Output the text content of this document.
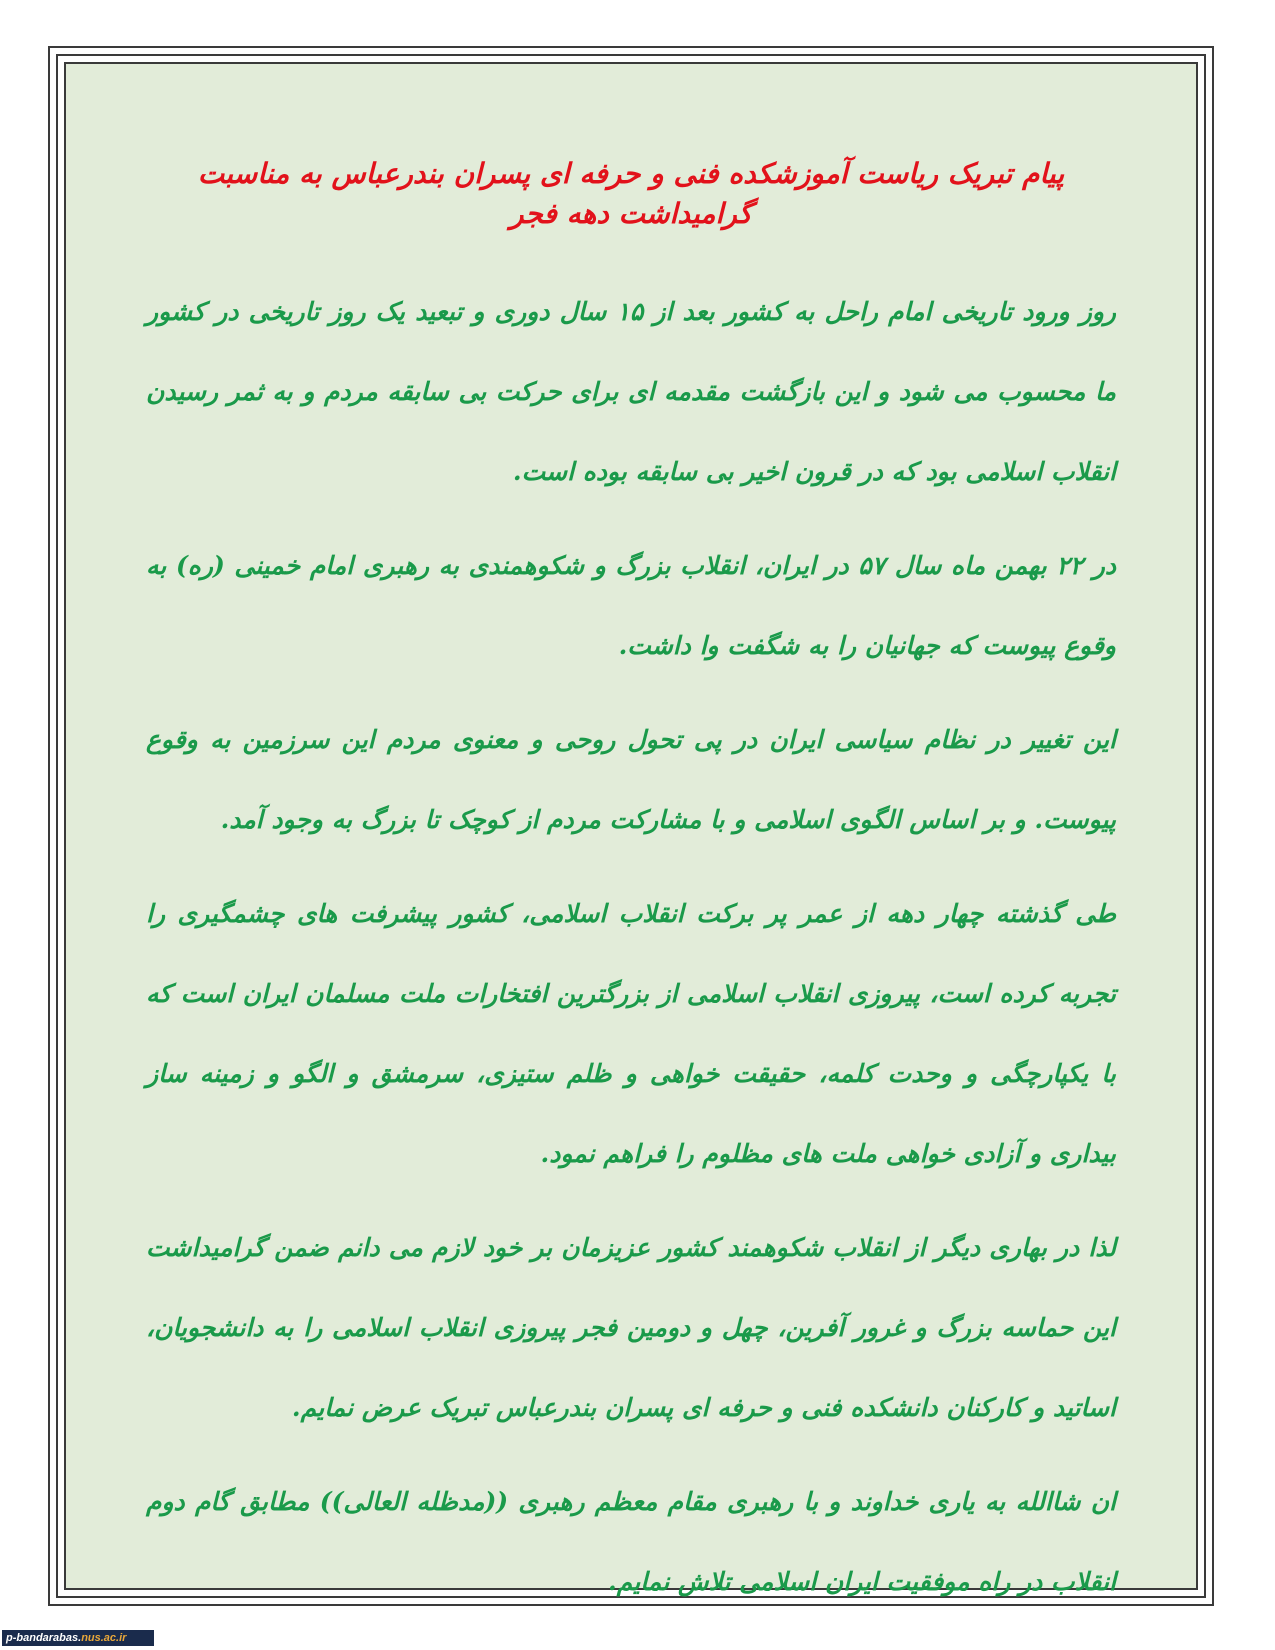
پیام تبریک ریاست آموزشکده فنی و حرفه ای پسران بندرعباس به مناسبت گرامیداشت دهه فجر

روز ورود تاریخی امام راحل به کشور بعد از ۱۵ سال دوری و تبعید یک روز تاریخی در کشور ما محسوب می شود و این بازگشت مقدمه ای برای حرکت بی سابقه مردم و به ثمر رسیدن انقلاب اسلامی بود که در قرون اخیر بی سابقه بوده است.

در ۲۲ بهمن ماه سال ۵۷ در ایران، انقلاب بزرگ و شکوهمندی به رهبری امام خمینی (ره) به وقوع پیوست که جهانیان را به شگفت وا داشت.

این تغییر در نظام سیاسی ایران در پی تحول روحی و معنوی مردم این سرزمین به وقوع پیوست. و بر اساس الگوی اسلامی و با مشارکت مردم از کوچک تا بزرگ به وجود آمد.

طی گذشته چهار دهه از عمر پر برکت انقلاب اسلامی، کشور پیشرفت های چشمگیری را تجربه کرده است، پیروزی انقلاب اسلامی از بزرگترین افتخارات ملت مسلمان ایران است که با یکپارچگی و وحدت کلمه، حقیقت خواهی و ظلم ستیزی، سرمشق و الگو و زمینه ساز بیداری و آزادی خواهی ملت های مظلوم را فراهم نمود.

لذا در بهاری دیگر از انقلاب شکوهمند کشور عزیزمان بر خود لازم می دانم ضمن گرامیداشت این حماسه بزرگ و غرور آفرین، چهل و دومین فجر پیروزی انقلاب اسلامی را به دانشجویان، اساتید و کارکنان دانشکده فنی و حرفه ای پسران بندرعباس تبریک عرض نمایم.

ان شاالله به یاری خداوند و با رهبری مقام معظم رهبری ((مدظله العالی)) مطابق گام دوم انقلاب در راه موفقیت ایران اسلامی تلاش نمایم.

p-bandarabas.nus.ac.ir
